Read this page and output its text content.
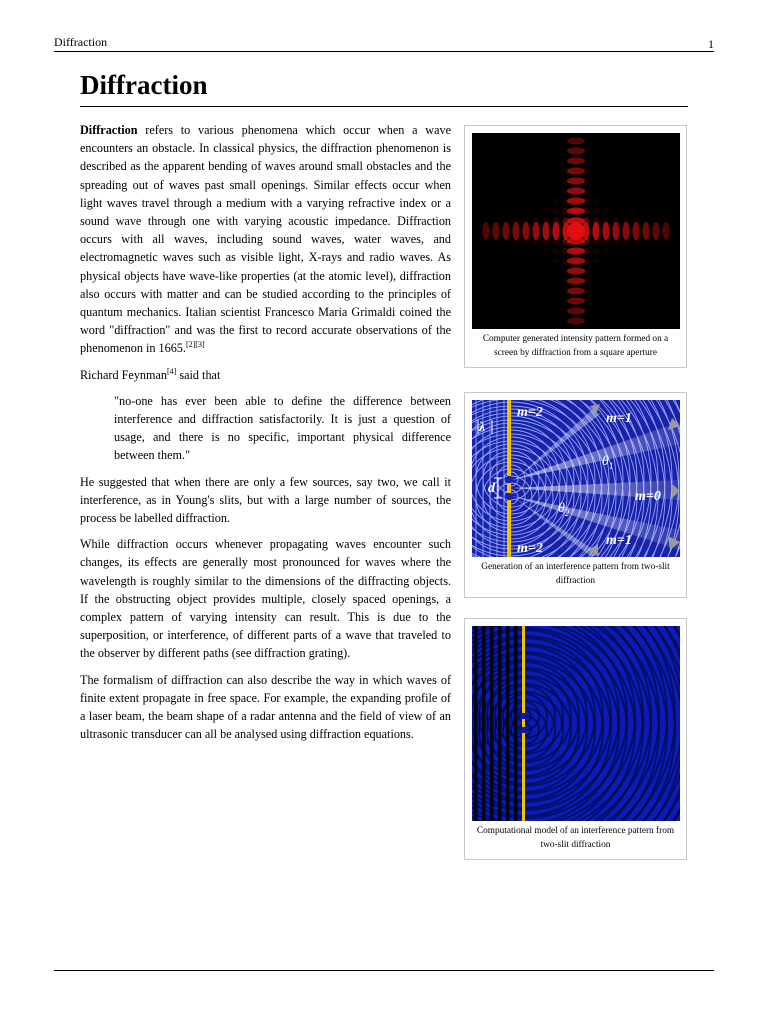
Diffraction	1
Diffraction

Diffraction refers to various phenomena which occur when a wave encounters an obstacle. In classical physics, the diffraction phenomenon is described as the apparent bending of waves around small obstacles and the spreading out of waves past small openings. Similar effects occur when light waves travel through a medium with a varying refractive index or a sound wave through one with varying acoustic impedance. Diffraction occurs with all waves, including sound waves, water waves, and electromagnetic waves such as visible light, X-rays and radio waves. As physical objects have wave-like properties (at the atomic level), diffraction also occurs with matter and can be studied according to the principles of quantum mechanics. Italian scientist Francesco Maria Grimaldi coined the word "diffraction" and was the first to record accurate observations of the phenomenon in 1665.[2][3]

Richard Feynman[4] said that

"no-one has ever been able to define the difference between interference and diffraction satisfactorily. It is just a question of usage, and there is no specific, important physical difference between them."

He suggested that when there are only a few sources, say two, we call it interference, as in Young's slits, but with a large number of sources, the process be labelled diffraction.

While diffraction occurs whenever propagating waves encounter such changes, its effects are generally most pronounced for waves where the wavelength is roughly similar to the dimensions of the diffracting objects. If the obstructing object provides multiple, closely spaced openings, a complex pattern of varying intensity can result. This is due to the superposition, or interference, of different parts of a wave that traveled to the observer by different paths (see diffraction grating).

The formalism of diffraction can also describe the way in which waves of finite extent propagate in free space. For example, the expanding profile of a laser beam, the beam shape of a radar antenna and the field of view of an ultrasonic transducer can all be analysed using diffraction equations.

Computer generated intensity pattern formed on a screen by diffraction from a square aperture
λ
d
m=2	m=1
$\theta_1$
$\theta_2$
m=0
m=2
m=1
Generation of an interference pattern from two-slit diffraction
Computational model of an interference pattern from two-slit diffraction
